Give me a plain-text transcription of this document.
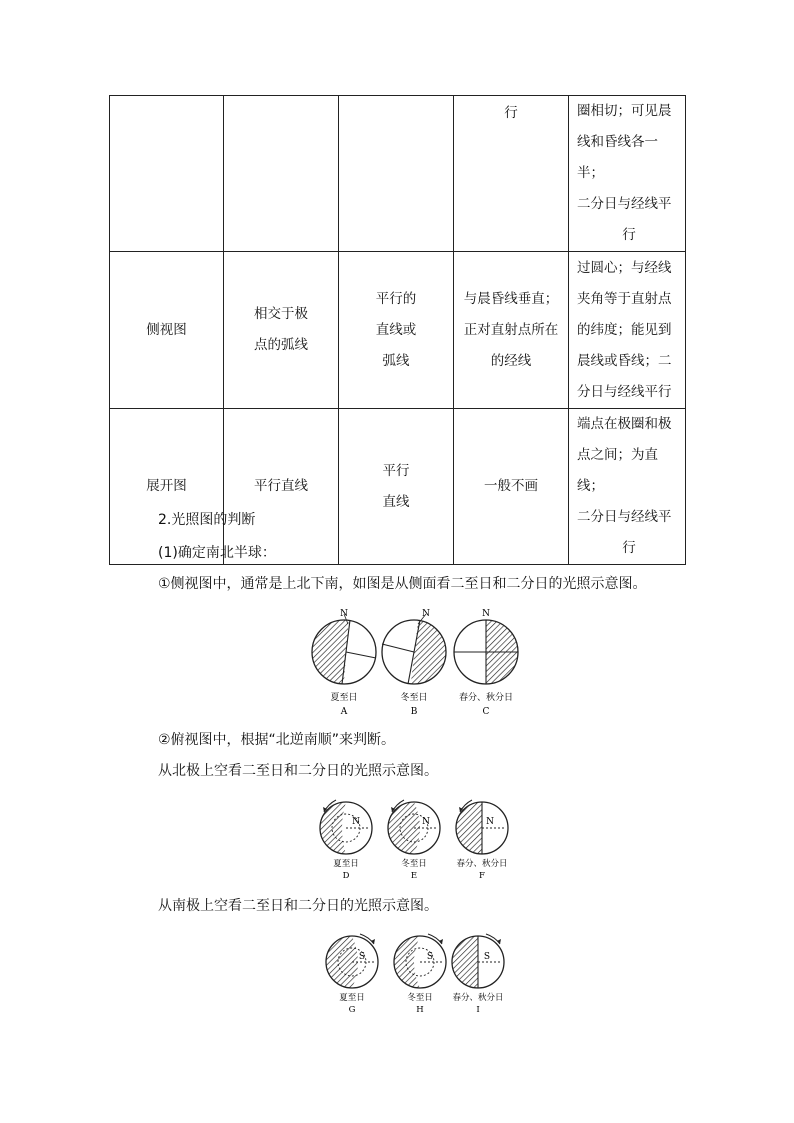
			行	圈相切；可见晨
线和昏线各一半；
二分日与经线平
行

侧视图	相交于极
点的弧线	平行的
直线或
弧线	与晨昏线垂直；
正对直射点所在
的经线	过圆心；与经线
夹角等于直射点
的纬度；能见到
晨线或昏线；二
分日与经线平行

展开图	平行直线	平行
直线	一般不画	端点在极圈和极
点之间；为直线；
二分日与经线平
行
2.光照图的判断
(1)确定南北半球：
①侧视图中，通常是上北下南，如图是从侧面看二至日和二分日的光照示意图。
N
夏至日
A
N
冬至日
B
N
春分、秋分日
C
②俯视图中，根据“北逆南顺”来判断。
从北极上空看二至日和二分日的光照示意图。
N
夏至日
D
N
冬至日
E
N
春分、秋分日
F
从南极上空看二至日和二分日的光照示意图。
S
夏至日
G
S
冬至日
H
S
春分、秋分日
I
